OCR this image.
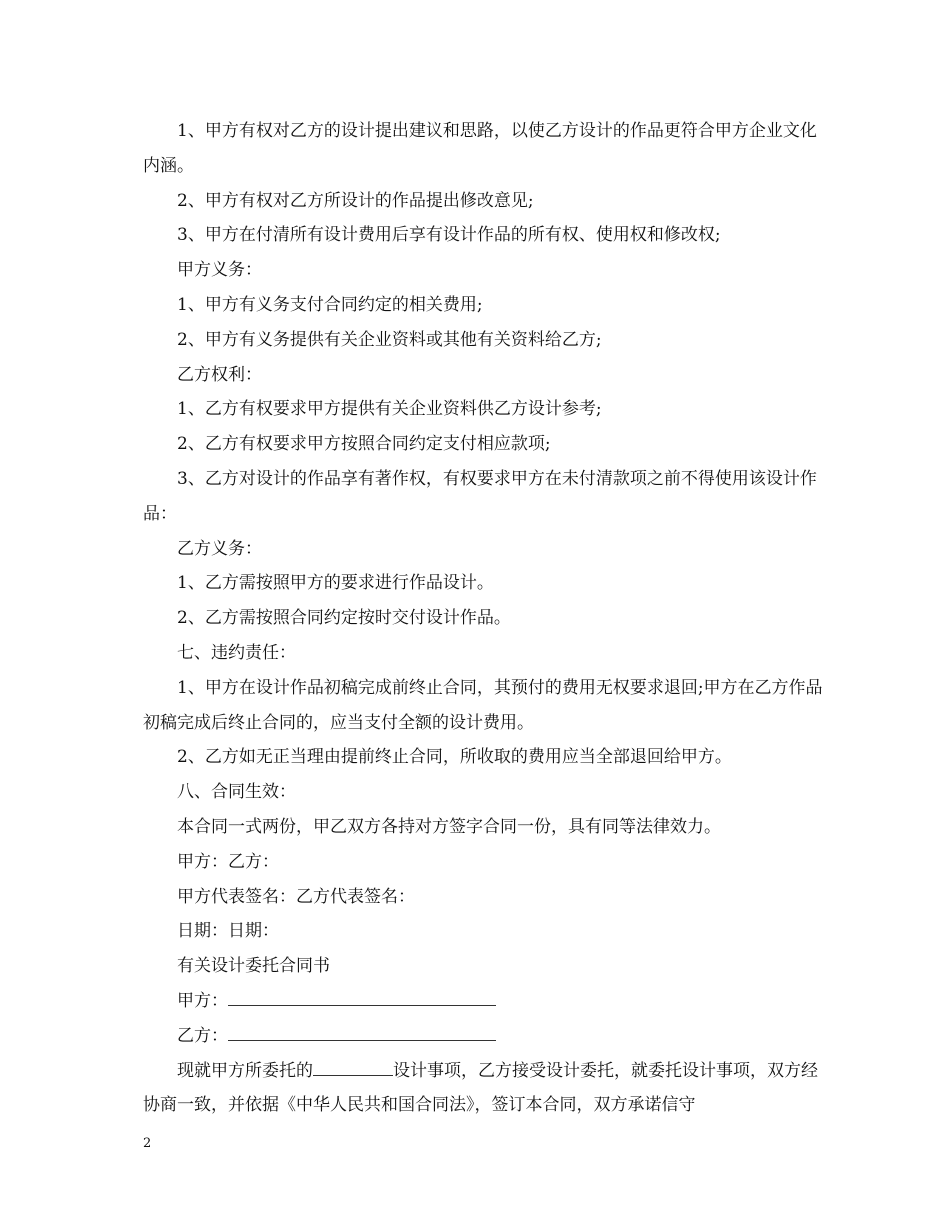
1、甲方有权对乙方的设计提出建议和思路，以使乙方设计的作品更符合甲方企业文化内涵。

2、甲方有权对乙方所设计的作品提出修改意见;

3、甲方在付清所有设计费用后享有设计作品的所有权、使用权和修改权;

甲方义务：

1、甲方有义务支付合同约定的相关费用;

2、甲方有义务提供有关企业资料或其他有关资料给乙方;

乙方权利：

1、乙方有权要求甲方提供有关企业资料供乙方设计参考;

2、乙方有权要求甲方按照合同约定支付相应款项;

3、乙方对设计的作品享有著作权，有权要求甲方在未付清款项之前不得使用该设计作品：

乙方义务：

1、乙方需按照甲方的要求进行作品设计。

2、乙方需按照合同约定按时交付设计作品。

七、违约责任：

1、甲方在设计作品初稿完成前终止合同，其预付的费用无权要求退回;甲方在乙方作品初稿完成后终止合同的，应当支付全额的设计费用。

2、乙方如无正当理由提前终止合同，所收取的费用应当全部退回给甲方。

八、合同生效：

本合同一式两份，甲乙双方各持对方签字合同一份，具有同等法律效力。

甲方：乙方：

甲方代表签名：乙方代表签名：

日期：日期：

有关设计委托合同书

甲方：

乙方：

现就甲方所委托的	设计事项，乙方接受设计委托，就委托设计事项，双方经协商一致，并依据《中华人民共和国合同法》，签订本合同，双方承诺信守

2
